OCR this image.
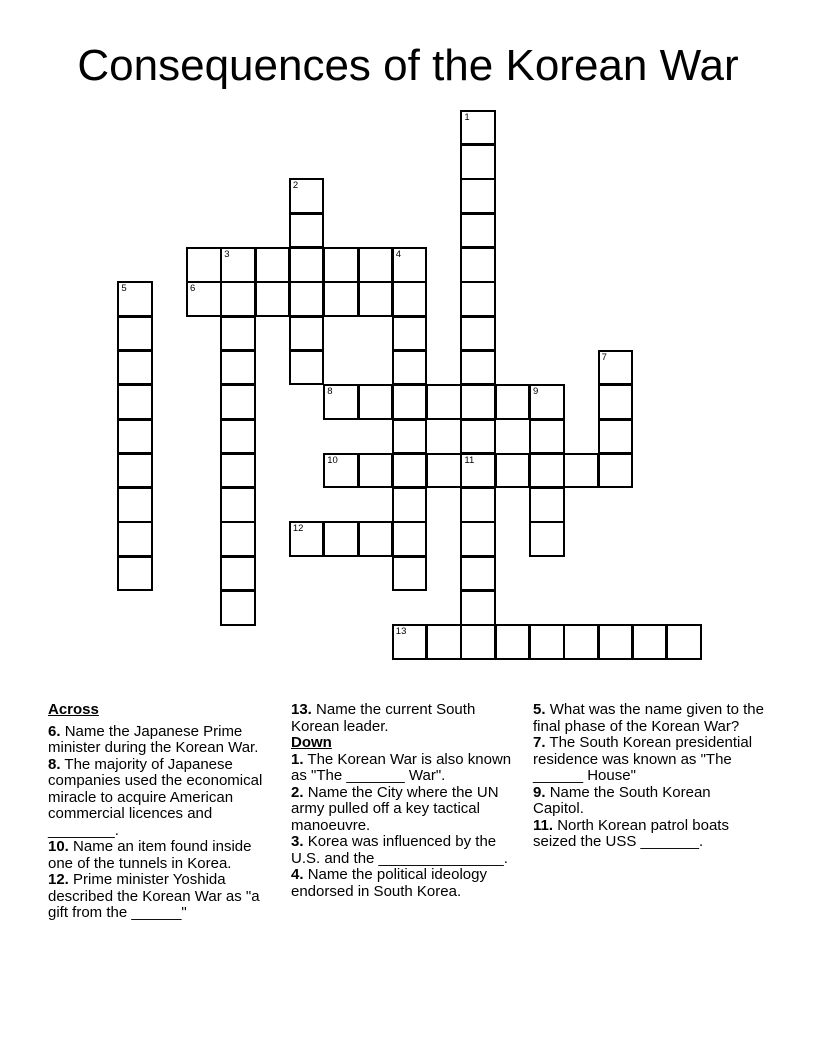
Consequences of the Korean War
3	4
8	9
10	11
12
13
1
2
5
7
6
Across
6. Name the Japanese Prime minister during the Korean War.
8. The majority of Japanese companies used the economical miracle to acquire American commercial licences and ________.
10. Name an item found inside one of the tunnels in Korea.
12. Prime minister Yoshida described the Korean War as "a gift from the ______"
13. Name the current South Korean leader.
Down
1. The Korean War is also known as "The _______ War".
2. Name the City where the UN army pulled off a key tactical manoeuvre.
3. Korea was influenced by the U.S. and the _______________.
4. Name the political ideology endorsed in South Korea.
5. What was the name given to the final phase of the Korean War?
7. The South Korean presidential residence was known as "The ______ House"
9. Name the South Korean Capitol.
11. North Korean patrol boats seized the USS _______.
